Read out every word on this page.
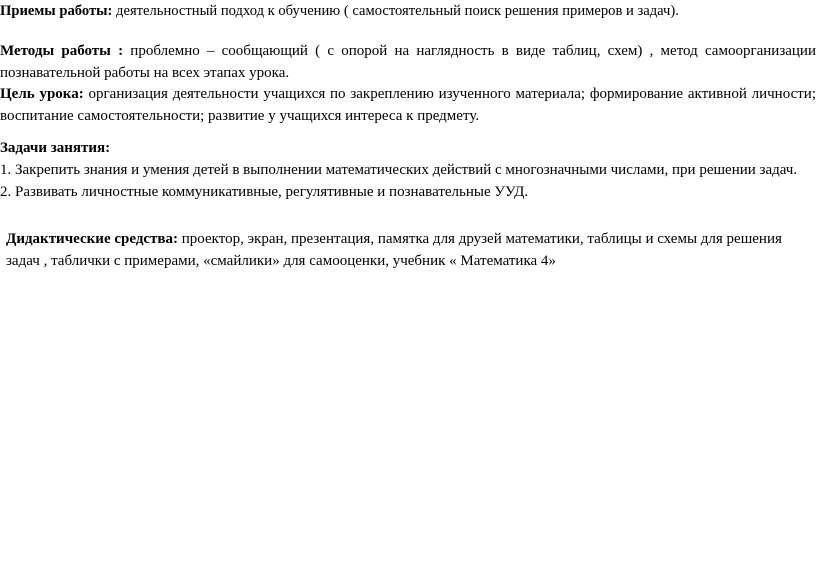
Приемы работы: деятельностный подход к обучению ( самостоятельный поиск решения примеров и задач).

Методы работы : проблемно – сообщающий ( с опорой на наглядность в виде таблиц, схем) , метод самоорганизации познавательной работы на всех этапах урока.

Цель урока: организация деятельности учащихся по закреплению изученного материала; формирование активной личности; воспитание самостоятельности; развитие у учащихся интереса к предмету.

Задачи занятия:
1. Закрепить знания и умения детей в выполнении математических действий с многозначными числами, при решении задач.
2. Развивать личностные коммуникативные, регулятивные и познавательные УУД.

Дидактические средства: проектор, экран, презентация, памятка для друзей математики, таблицы и схемы для решения задач , таблички с примерами, «смайлики» для самооценки, учебник « Математика 4»
